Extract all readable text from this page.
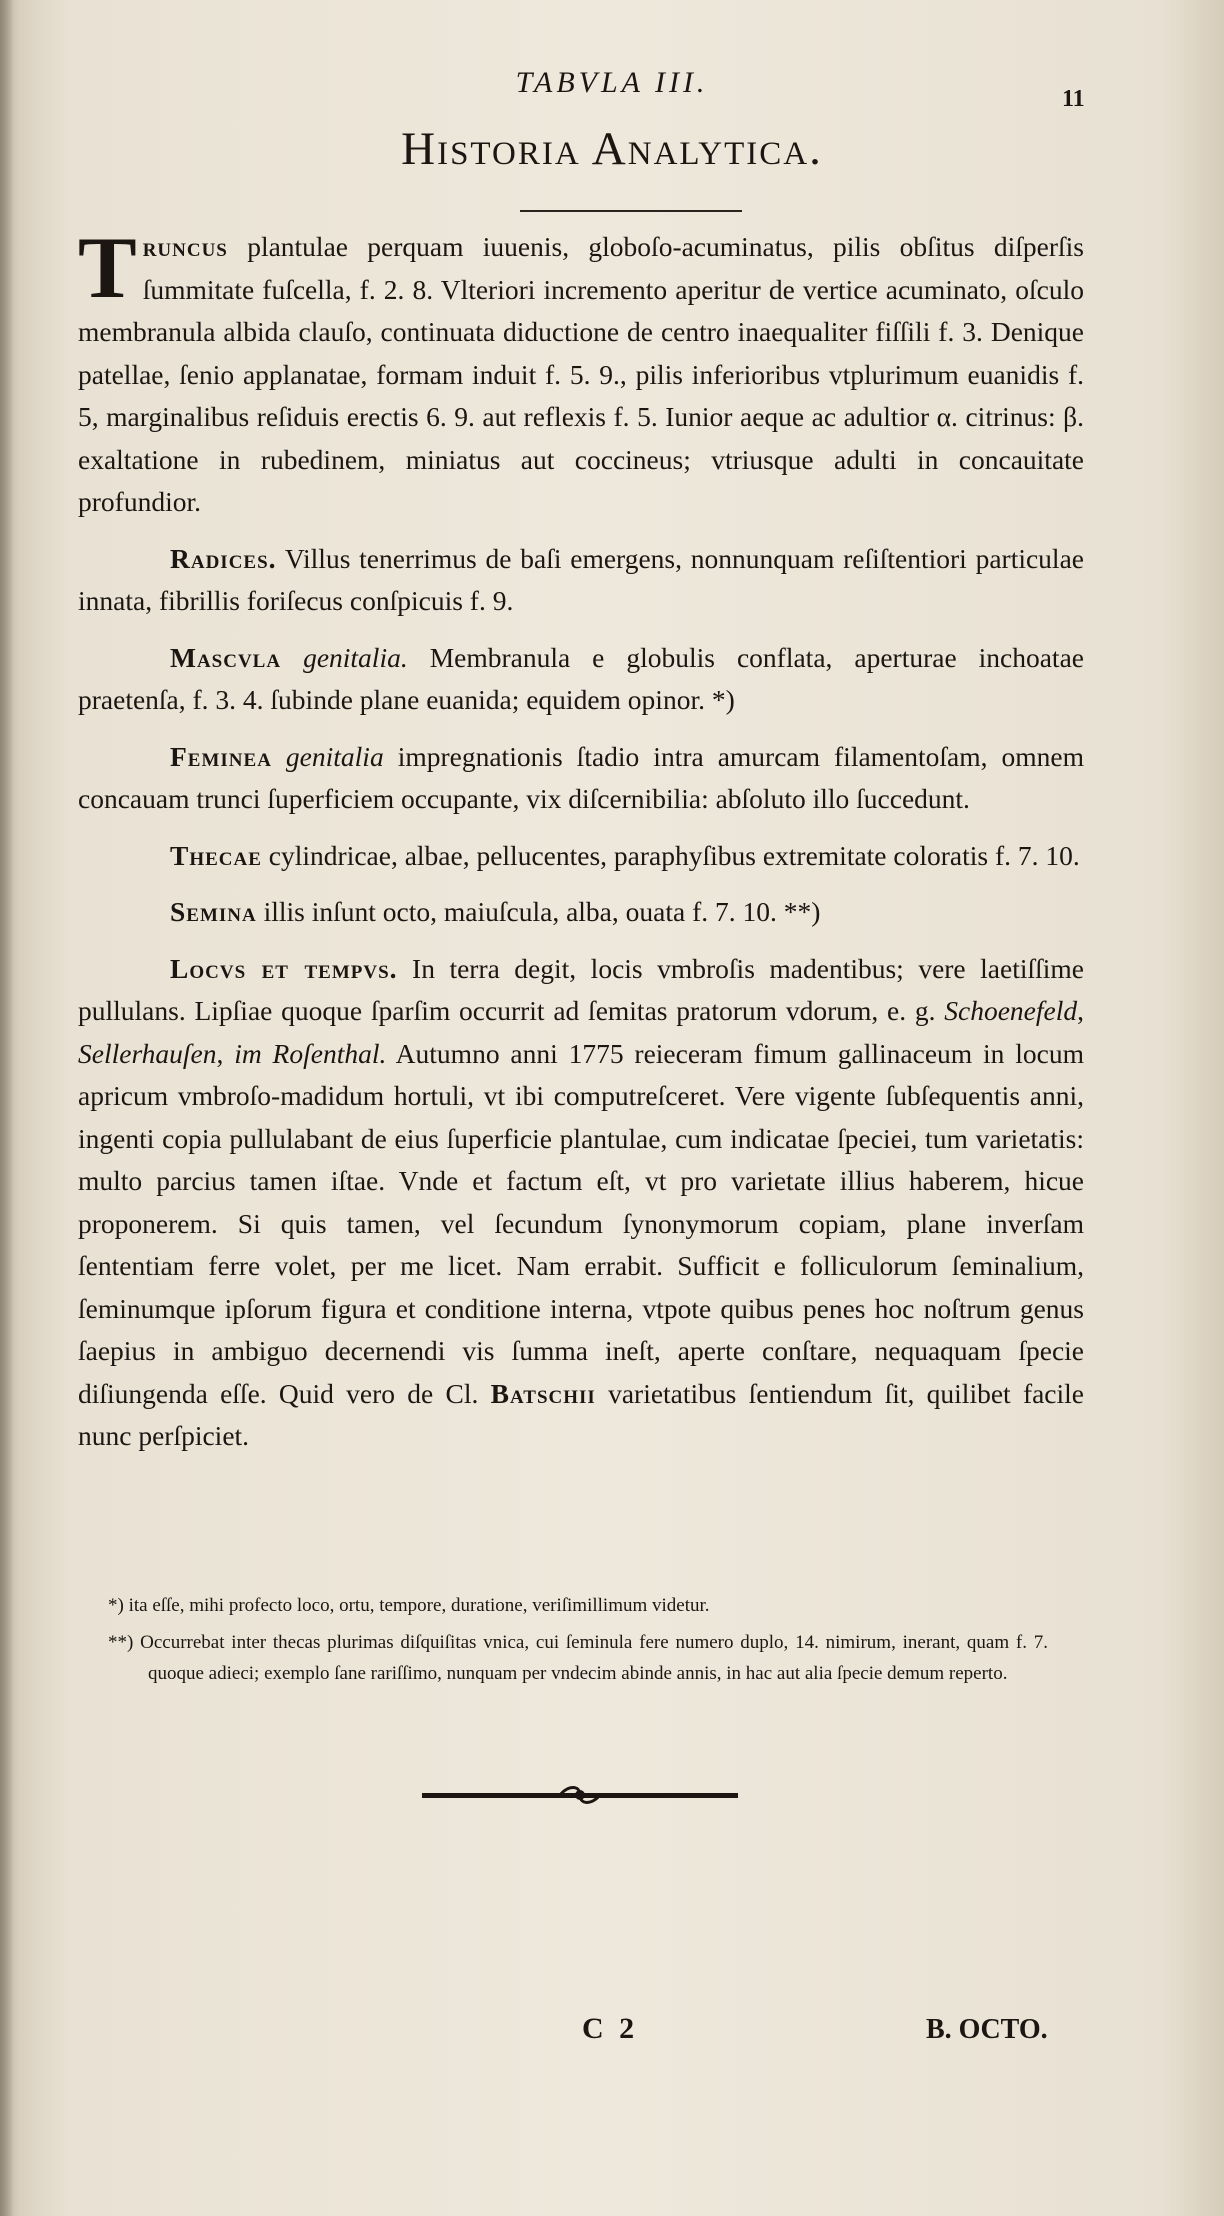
TABVLA III.	11
Historia Analytica.

Truncus plantulae perquam iuuenis, globoſo-acuminatus, pilis obſitus diſperſis ſummitate fuſcella, f. 2. 8. Vlteriori incremento aperitur de vertice acuminato, oſculo membranula albida clauſo, continuata diductione de centro inaequaliter fiſſili f. 3. Denique patellae, ſenio applanatae, formam induit f. 5. 9., pilis inferioribus vtplurimum euanidis f. 5, marginalibus reſiduis erectis 6. 9. aut reflexis f. 5. Iunior aeque ac adultior α. citrinus: β. exaltatione in rubedinem, miniatus aut coccineus; vtriusque adulti in concauitate profundior.

Radices. Villus tenerrimus de baſi emergens, nonnunquam reſiſtentiori particulae innata, fibrillis foriſecus conſpicuis f. 9.

Mascvla genitalia. Membranula e globulis conflata, aperturae inchoatae praetenſa, f. 3. 4. ſubinde plane euanida; equidem opinor. *)

Fеminea genitalia impregnationis ſtadio intra amurcam filamentoſam, omnem concauam trunci ſuperficiem occupante, vix diſcernibilia: abſoluto illo ſuccedunt.

Thecae cylindricae, albae, pellucentes, paraphyſibus extremitate coloratis f. 7. 10.

Semina illis inſunt octo, maiuſcula, alba, ouata f. 7. 10. **)

Locvs et tempvs. In terra degit, locis vmbroſis madentibus; vere laetiſſime pullulans. Lipſiae quoque ſparſim occurrit ad ſemitas pratorum vdorum, e. g. Schoenefeld, Sellerhauſen, im Roſenthal. Autumno anni 1775 reieceram fimum gallinaceum in locum apricum vmbroſo-madidum hortuli, vt ibi computreſceret. Vere vigente ſubſequentis anni, ingenti copia pullulabant de eius ſuperficie plantulae, cum indicatae ſpeciei, tum varietatis: multo parcius tamen iſtae. Vnde et factum eſt, vt pro varietate illius haberem, hicue proponerem. Si quis tamen, vel ſecundum ſynonymorum copiam, plane inverſam ſententiam ferre volet, per me licet. Nam errabit. Sufficit e folliculorum ſeminalium, ſeminumque ipſorum figura et conditione interna, vtpote quibus penes hoc noſtrum genus ſaepius in ambiguo decernendi vis ſumma ineſt, aperte conſtare, nequaquam ſpecie diſiungenda eſſe. Quid vero de Cl. Batschii varietatibus ſentiendum ſit, quilibet facile nunc perſpiciet.

*) ita eſſe, mihi profecto loco, ortu, tempore, duratione, veriſimillimum videtur.

**) Occurrebat inter thecas plurimas diſquiſitas vnica, cui ſeminula fere numero duplo, 14. nimirum, inerant, quam f. 7. quoque adieci; exemplo ſane rariſſimo, nunquam per vndecim abinde annis, in hac aut alia ſpecie demum reperto.

C 2	B. OCTO.
